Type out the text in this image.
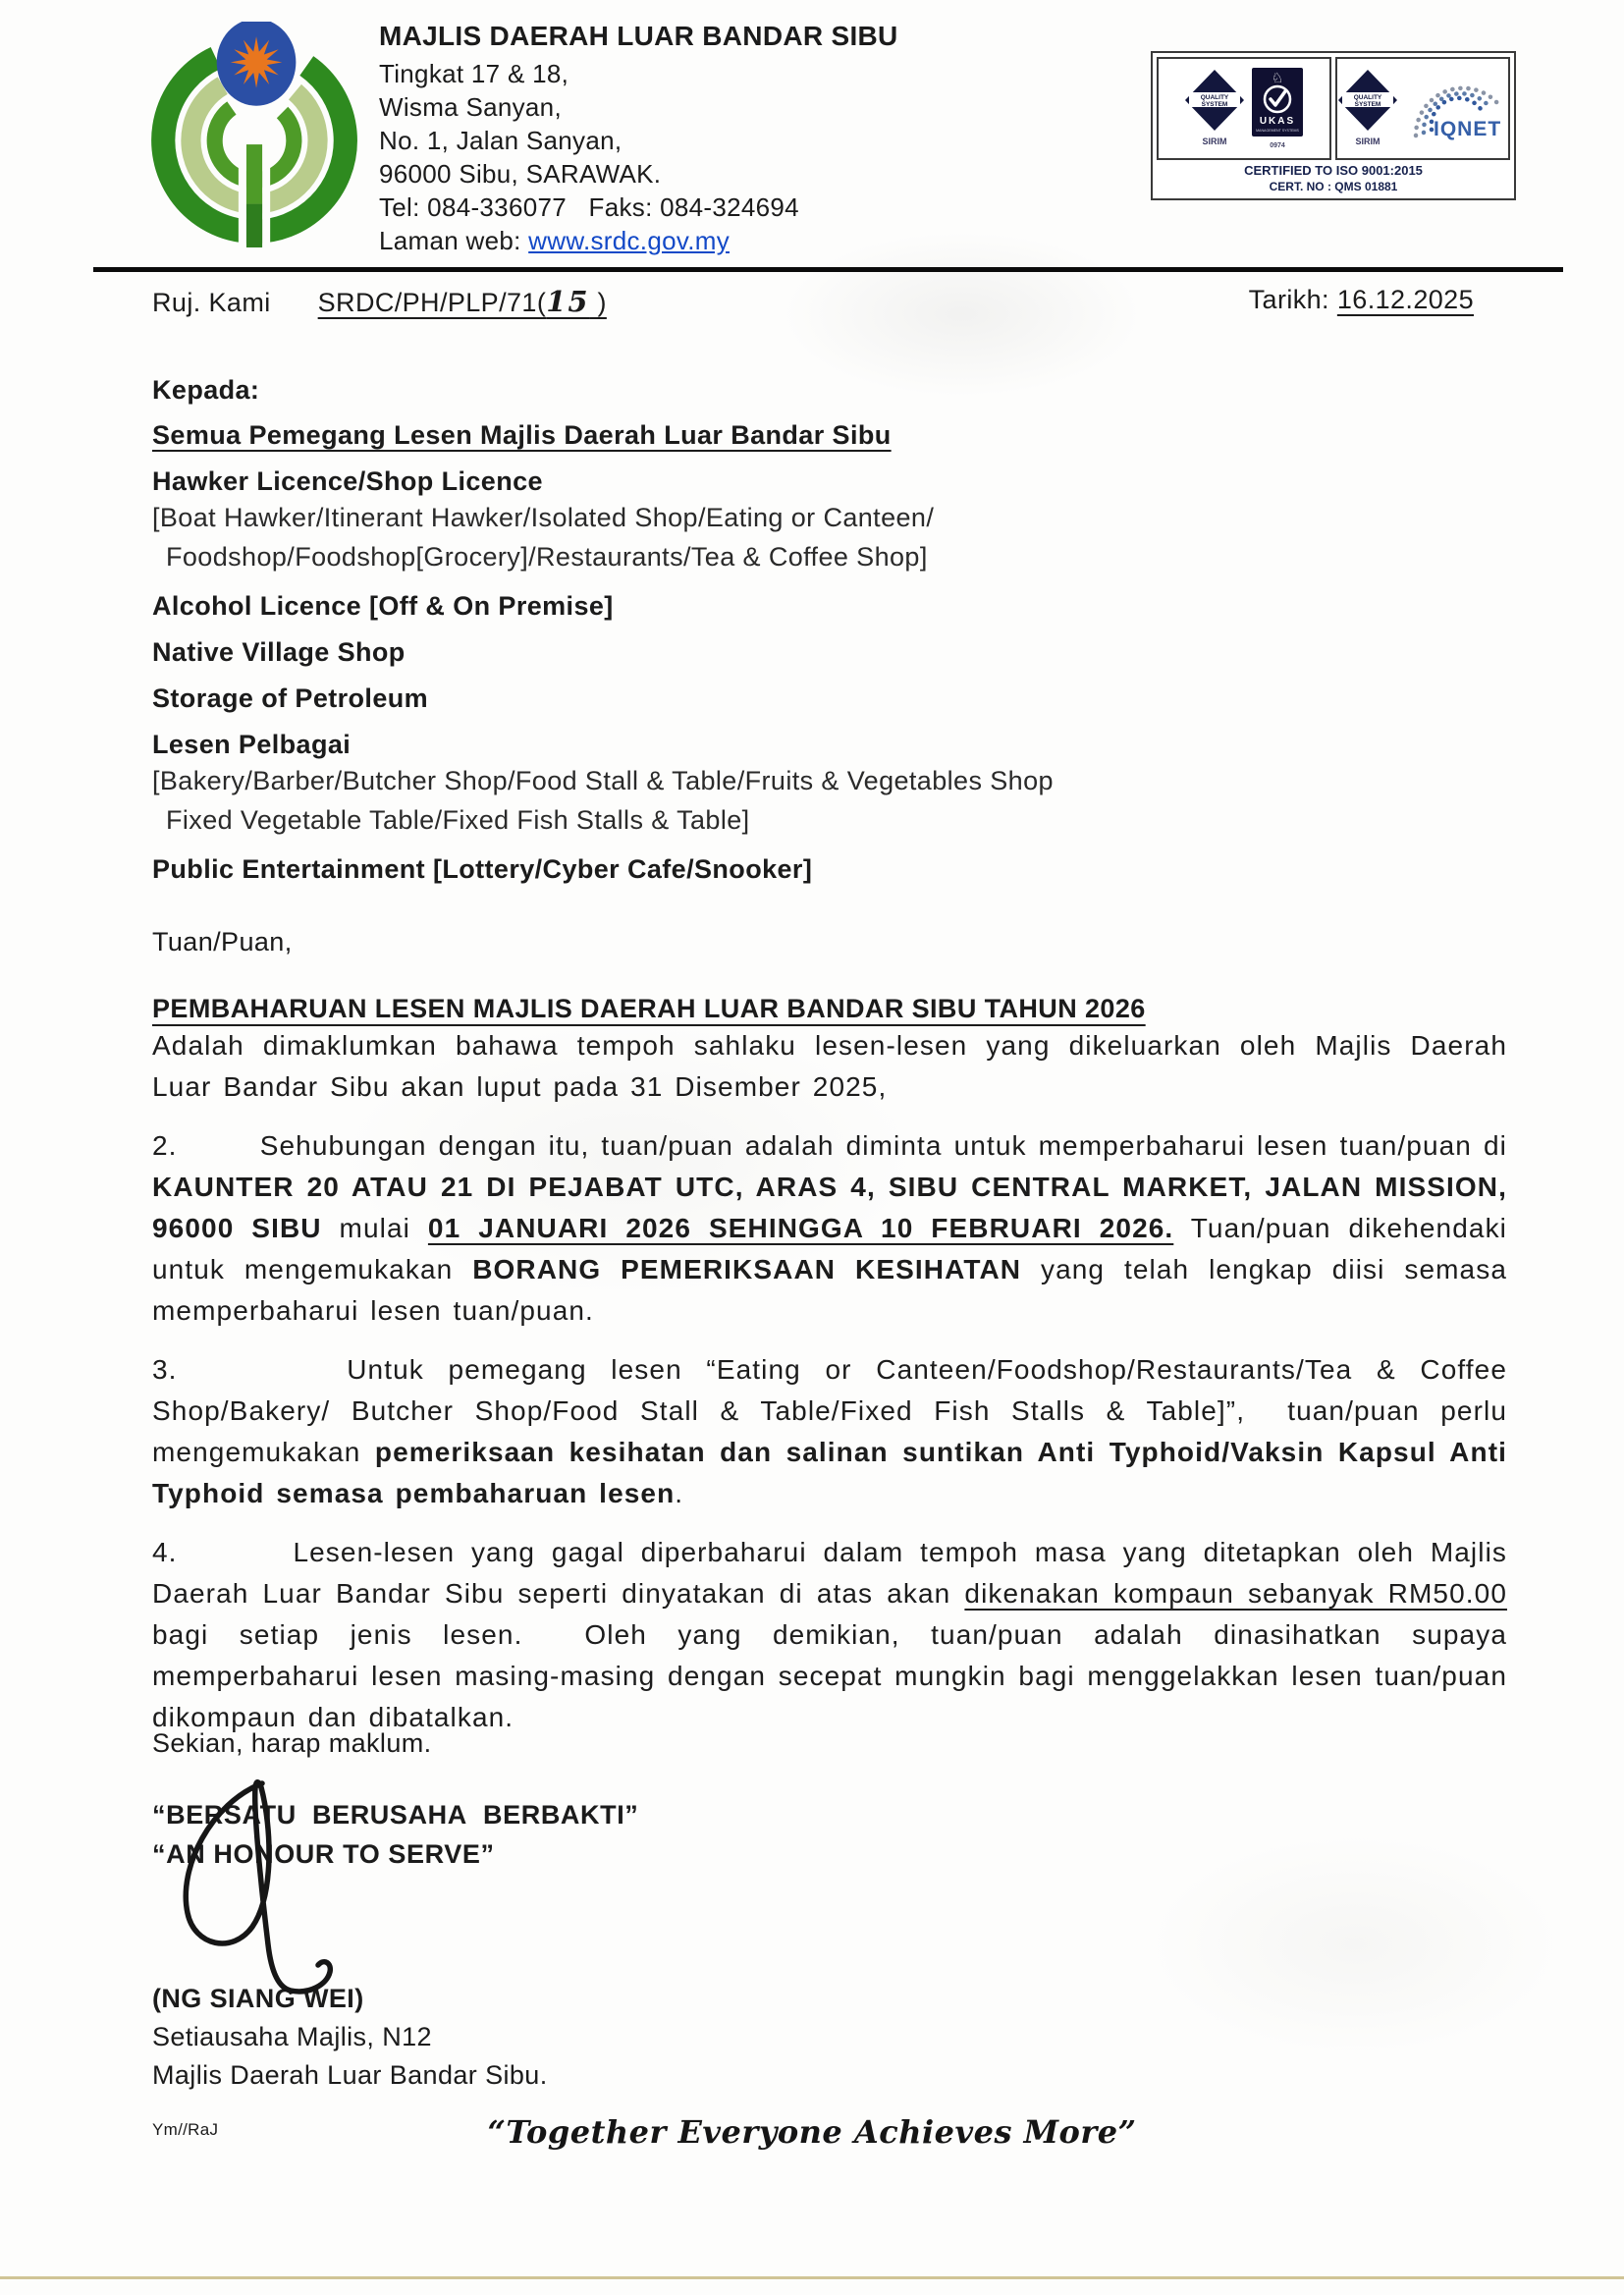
MAJLIS DAERAH LUAR BANDAR SIBU
Tingkat 17 & 18,
Wisma Sanyan,
No. 1, Jalan Sanyan,
96000 Sibu, SARAWAK.
Tel: 084-336077   Faks: 084-324694
Laman web: www.srdc.gov.my
QUALITY
SYSTEM
SIRIM
♘
UKAS
MANAGEMENT SYSTEMS
0974
QUALITY
SYSTEM
SIRIM
IQNET
CERTIFIED TO ISO 9001:2015
CERT. NO : QMS 01881
Ruj. Kami SRDC/PH/PLP/71(15 )	Tarikh: 16.12.2025
Kepada:
Semua Pemegang Lesen Majlis Daerah Luar Bandar Sibu
Hawker Licence/Shop Licence
[Boat Hawker/Itinerant Hawker/Isolated Shop/Eating or Canteen/
Foodshop/Foodshop[Grocery]/Restaurants/Tea & Coffee Shop]
Alcohol Licence [Off & On Premise]
Native Village Shop
Storage of Petroleum
Lesen Pelbagai
[Bakery/Barber/Butcher Shop/Food Stall & Table/Fruits & Vegetables Shop
Fixed Vegetable Table/Fixed Fish Stalls & Table]
Public Entertainment [Lottery/Cyber Cafe/Snooker]
Tuan/Puan,
PEMBAHARUAN LESEN MAJLIS DAERAH LUAR BANDAR SIBU TAHUN 2026
Adalah dimaklumkan bahawa tempoh sahlaku lesen-lesen yang dikeluarkan oleh Majlis Daerah Luar Bandar Sibu akan luput pada 31 Disember 2025,
2.       Sehubungan dengan itu, tuan/puan adalah diminta untuk memperbaharui lesen tuan/puan di KAUNTER 20 ATAU 21 DI PEJABAT UTC, ARAS 4, SIBU CENTRAL MARKET, JALAN MISSION, 96000 SIBU mulai 01 JANUARI 2026 SEHINGGA 10 FEBRUARI 2026. Tuan/puan dikehendaki untuk mengemukakan BORANG PEMERIKSAAN KESIHATAN yang telah lengkap diisi semasa memperbaharui lesen tuan/puan.
3.       Untuk pemegang lesen “Eating or Canteen/Foodshop/Restaurants/Tea & Coffee Shop/Bakery/ Butcher Shop/Food Stall & Table/Fixed Fish Stalls & Table]”,  tuan/puan perlu mengemukakan pemeriksaan kesihatan dan salinan suntikan Anti Typhoid/Vaksin Kapsul Anti Typhoid semasa pembaharuan lesen.
4.       Lesen-lesen yang gagal diperbaharui dalam tempoh masa yang ditetapkan oleh Majlis Daerah Luar Bandar Sibu seperti dinyatakan di atas akan dikenakan kompaun sebanyak RM50.00 bagi setiap jenis lesen.  Oleh yang demikian, tuan/puan adalah dinasihatkan supaya memperbaharui lesen masing-masing dengan secepat mungkin bagi menggelakkan lesen tuan/puan dikompaun dan dibatalkan.
Sekian, harap maklum.
“BERSATU  BERUSAHA  BERBAKTI”
“AN HONOUR TO SERVE”
(NG SIANG WEI)
Setiausaha Majlis, N12
Majlis Daerah Luar Bandar Sibu.
Ym//RaJ	“Together Everyone Achieves More”
